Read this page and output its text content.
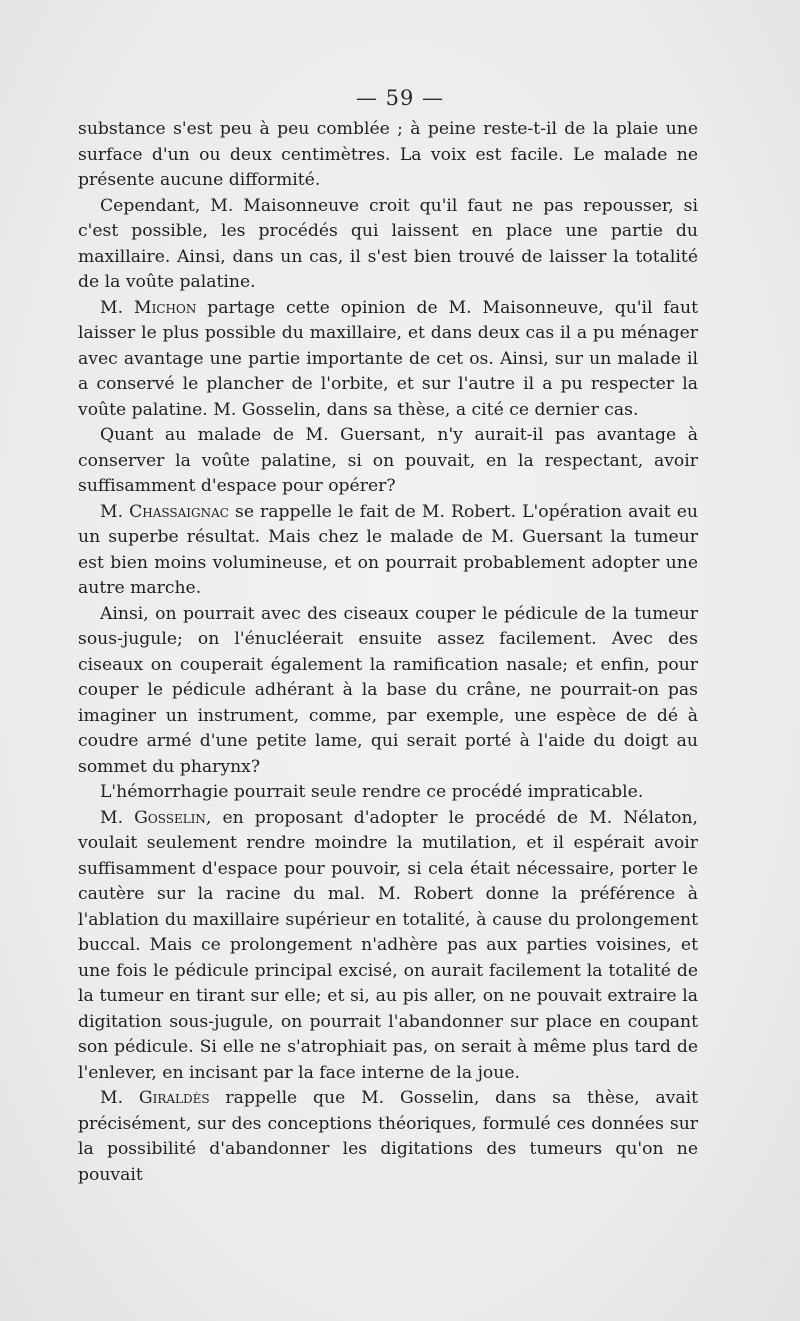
— 59 —

substance s'est peu à peu comblée ; à peine reste-t-il de la plaie une surface d'un ou deux centimètres. La voix est facile. Le malade ne présente aucune difformité.

Cependant, M. Maisonneuve croit qu'il faut ne pas repousser, si c'est possible, les procédés qui laissent en place une partie du maxillaire. Ainsi, dans un cas, il s'est bien trouvé de laisser la totalité de la voûte palatine.

M. Michon partage cette opinion de M. Maisonneuve, qu'il faut laisser le plus possible du maxillaire, et dans deux cas il a pu ménager avec avantage une partie importante de cet os. Ainsi, sur un malade il a conservé le plancher de l'orbite, et sur l'autre il a pu respecter la voûte palatine. M. Gosselin, dans sa thèse, a cité ce dernier cas.

Quant au malade de M. Guersant, n'y aurait-il pas avantage à conserver la voûte palatine, si on pouvait, en la respectant, avoir suffisamment d'espace pour opérer?

M. Chassaignac se rappelle le fait de M. Robert. L'opération avait eu un superbe résultat. Mais chez le malade de M. Guersant la tumeur est bien moins volumineuse, et on pourrait probablement adopter une autre marche.

Ainsi, on pourrait avec des ciseaux couper le pédicule de la tumeur sous-jugule; on l'énucléerait ensuite assez facilement. Avec des ciseaux on couperait également la ramification nasale; et enfin, pour couper le pédicule adhérant à la base du crâne, ne pourrait-on pas imaginer un instrument, comme, par exemple, une espèce de dé à coudre armé d'une petite lame, qui serait porté à l'aide du doigt au sommet du pharynx?

L'hémorrhagie pourrait seule rendre ce procédé impraticable.

M. Gosselin, en proposant d'adopter le procédé de M. Nélaton, voulait seulement rendre moindre la mutilation, et il espérait avoir suffisamment d'espace pour pouvoir, si cela était nécessaire, porter le cautère sur la racine du mal. M. Robert donne la préférence à l'ablation du maxillaire supérieur en totalité, à cause du prolongement buccal. Mais ce prolongement n'adhère pas aux parties voisines, et une fois le pédicule principal excisé, on aurait facilement la totalité de la tumeur en tirant sur elle; et si, au pis aller, on ne pouvait extraire la digitation sous-jugule, on pourrait l'abandonner sur place en coupant son pédicule. Si elle ne s'atrophiait pas, on serait à même plus tard de l'enlever, en incisant par la face interne de la joue.

M. Giraldès rappelle que M. Gosselin, dans sa thèse, avait précisément, sur des conceptions théoriques, formulé ces données sur la possibilité d'abandonner les digitations des tumeurs qu'on ne pouvait
